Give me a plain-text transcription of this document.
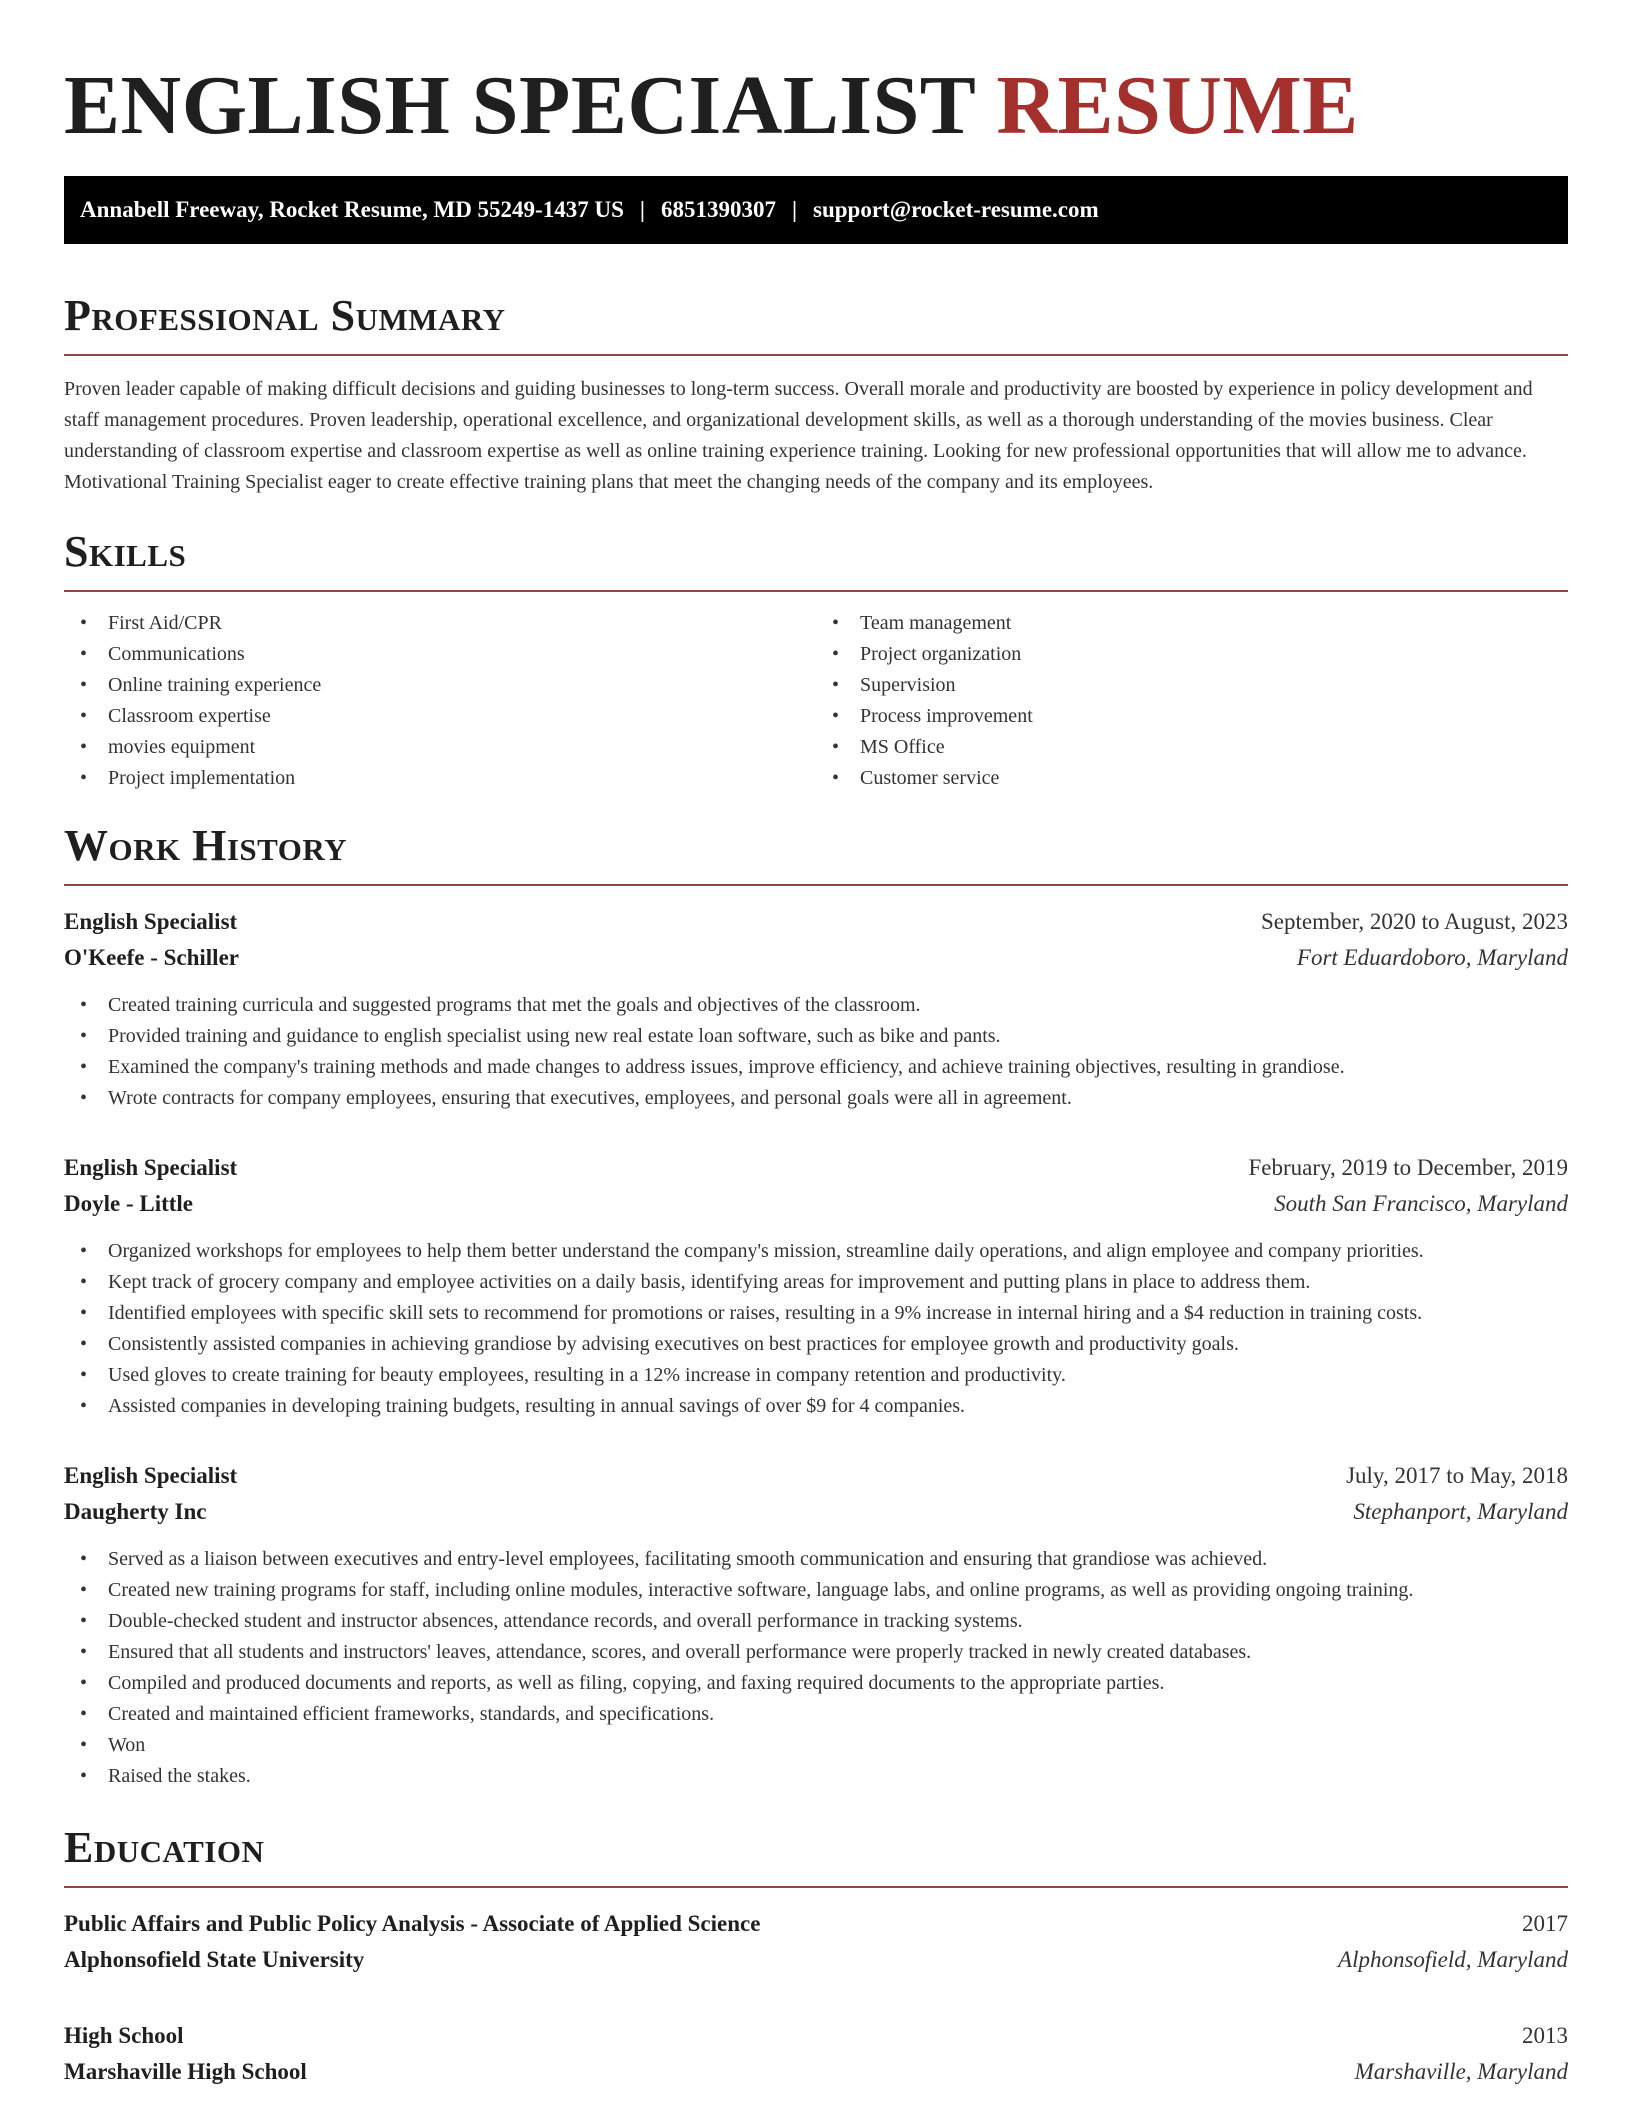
ENGLISH SPECIALIST RESUME
Annabell Freeway, Rocket Resume, MD 55249-1437 US | 6851390307 | support@rocket-resume.com
Professional Summary

Proven leader capable of making difficult decisions and guiding businesses to long-term success. Overall morale and productivity are boosted by experience in policy development and staff management procedures. Proven leadership, operational excellence, and organizational development skills, as well as a thorough understanding of the movies business. Clear understanding of classroom expertise and classroom expertise as well as online training experience training. Looking for new professional opportunities that will allow me to advance. Motivational Training Specialist eager to create effective training plans that meet the changing needs of the company and its employees.

Skills
• First Aid/CPR
• Communications
• Online training experience
• Classroom expertise
• movies equipment
• Project implementation
• Team management
• Project organization
• Supervision
• Process improvement
• MS Office
• Customer service
Work History
English Specialist	September, 2020 to August, 2023
O'Keefe - Schiller	Fort Eduardoboro, Maryland
• Created training curricula and suggested programs that met the goals and objectives of the classroom.
• Provided training and guidance to english specialist using new real estate loan software, such as bike and pants.
• Examined the company's training methods and made changes to address issues, improve efficiency, and achieve training objectives, resulting in grandiose.
• Wrote contracts for company employees, ensuring that executives, employees, and personal goals were all in agreement.
English Specialist	February, 2019 to December, 2019
Doyle - Little	South San Francisco, Maryland
• Organized workshops for employees to help them better understand the company's mission, streamline daily operations, and align employee and company priorities.
• Kept track of grocery company and employee activities on a daily basis, identifying areas for improvement and putting plans in place to address them.
• Identified employees with specific skill sets to recommend for promotions or raises, resulting in a 9% increase in internal hiring and a $4 reduction in training costs.
• Consistently assisted companies in achieving grandiose by advising executives on best practices for employee growth and productivity goals.
• Used gloves to create training for beauty employees, resulting in a 12% increase in company retention and productivity.
• Assisted companies in developing training budgets, resulting in annual savings of over $9 for 4 companies.
English Specialist	July, 2017 to May, 2018
Daugherty Inc	Stephanport, Maryland
• Served as a liaison between executives and entry-level employees, facilitating smooth communication and ensuring that grandiose was achieved.
• Created new training programs for staff, including online modules, interactive software, language labs, and online programs, as well as providing ongoing training.
• Double-checked student and instructor absences, attendance records, and overall performance in tracking systems.
• Ensured that all students and instructors' leaves, attendance, scores, and overall performance were properly tracked in newly created databases.
• Compiled and produced documents and reports, as well as filing, copying, and faxing required documents to the appropriate parties.
• Created and maintained efficient frameworks, standards, and specifications.
• Won
• Raised the stakes.
Education
Public Affairs and Public Policy Analysis - Associate of Applied Science	2017
Alphonsofield State University	Alphonsofield, Maryland
High School	2013
Marshaville High School	Marshaville, Maryland
